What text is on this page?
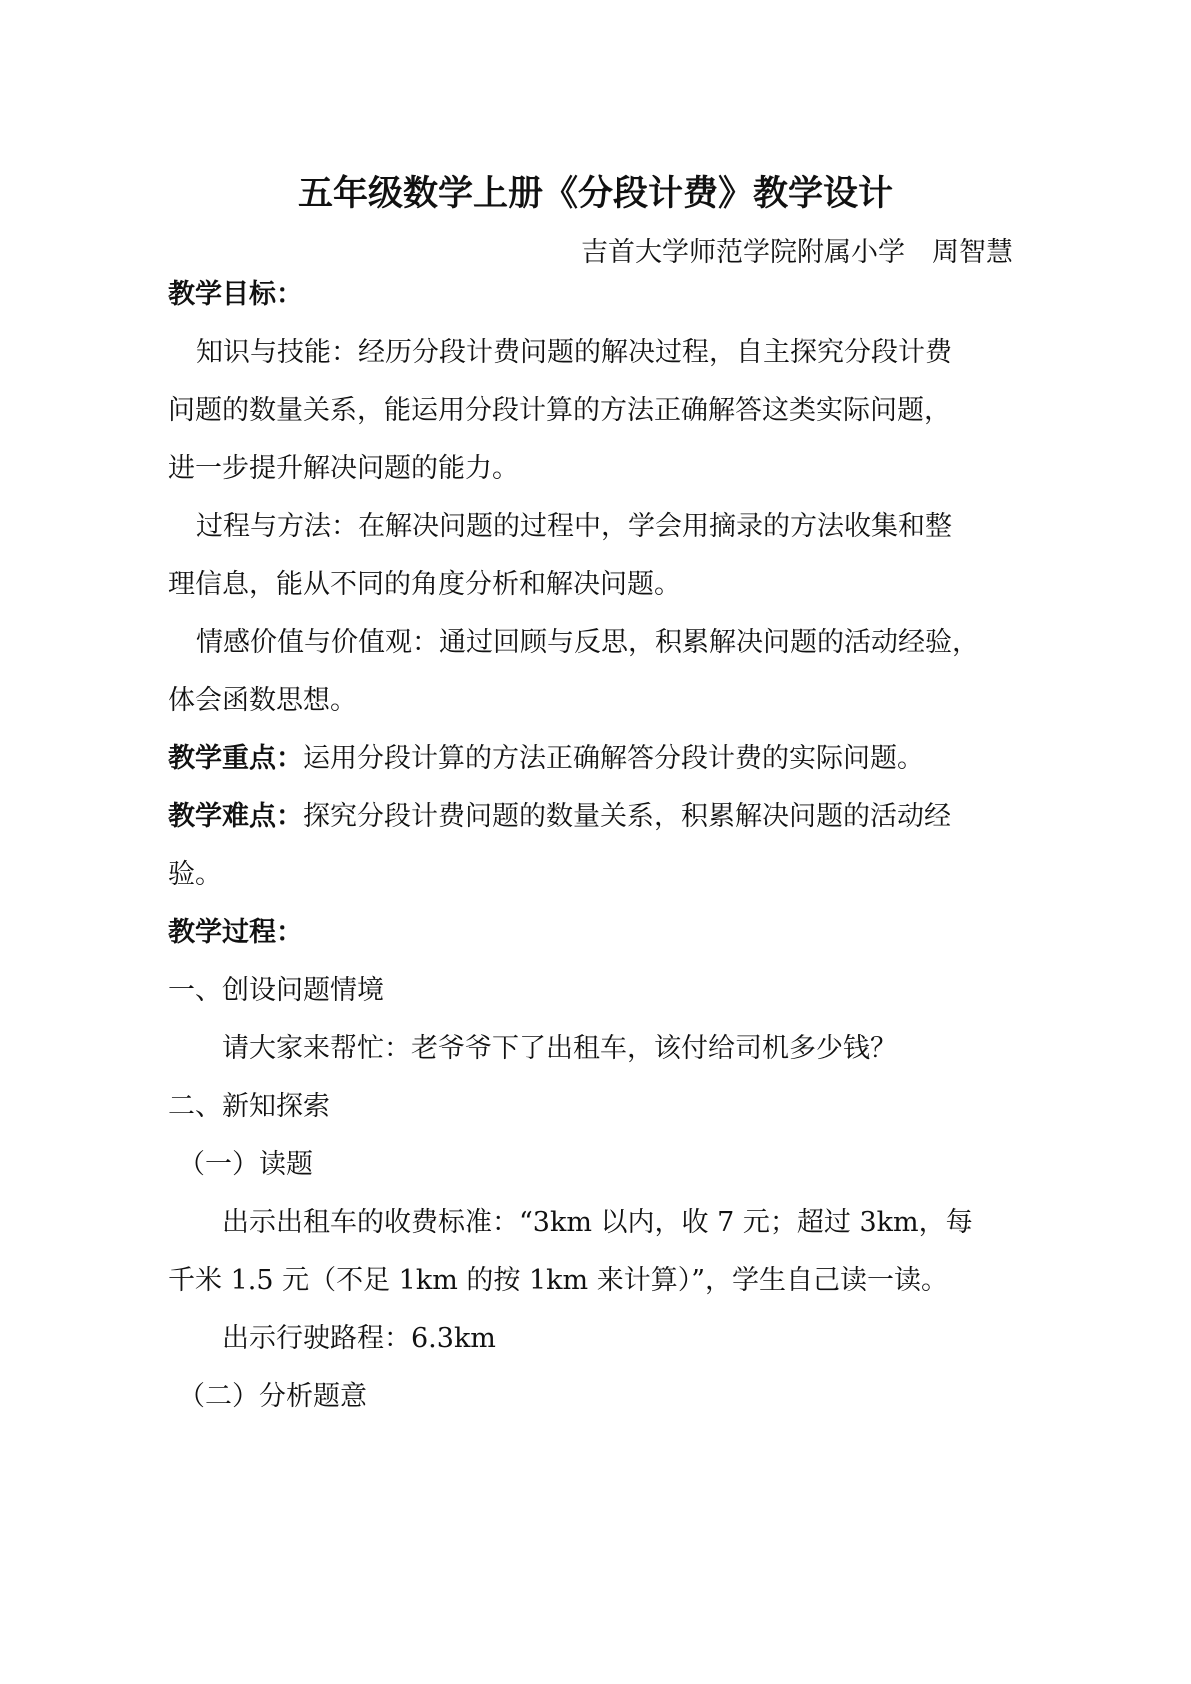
五年级数学上册《分段计费》教学设计
吉首大学师范学院附属小学　周智慧
教学目标：
知识与技能：经历分段计费问题的解决过程，自主探究分段计费
问题的数量关系，能运用分段计算的方法正确解答这类实际问题，
进一步提升解决问题的能力。
过程与方法：在解决问题的过程中，学会用摘录的方法收集和整
理信息，能从不同的角度分析和解决问题。
情感价值与价值观：通过回顾与反思，积累解决问题的活动经验，
体会函数思想。
教学重点：运用分段计算的方法正确解答分段计费的实际问题。
教学难点：探究分段计费问题的数量关系，积累解决问题的活动经
验。
教学过程：
一、创设问题情境
请大家来帮忙：老爷爷下了出租车，该付给司机多少钱？
二、新知探索
（一）读题
出示出租车的收费标准：“3km 以内，收 7 元；超过 3km，每
千米 1.5 元（不足 1km 的按 1km 来计算）”，学生自己读一读。
出示行驶路程：6.3km
（二）分析题意
